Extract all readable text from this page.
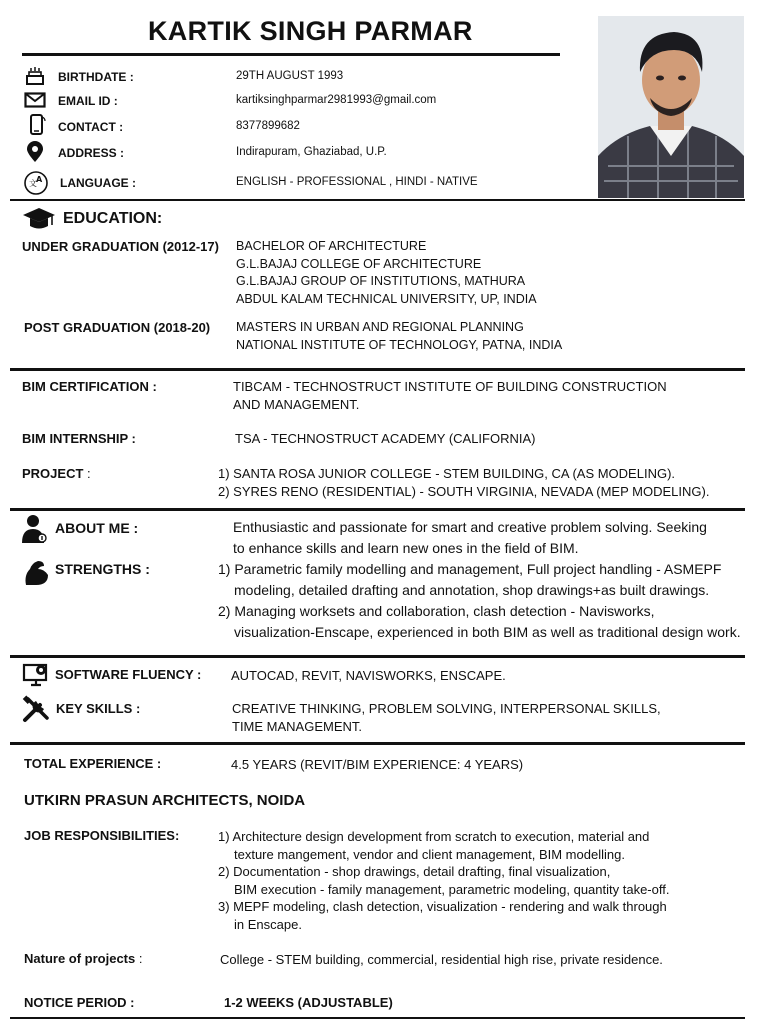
KARTIK SINGH PARMAR
BIRTHDATE :	29TH AUGUST 1993
EMAIL ID :	kartiksinghparmar2981993@gmail.com
CONTACT :	8377899682
ADDRESS :	Indirapuram, Ghaziabad, U.P.
文 A LANGUAGE :	ENGLISH - PROFESSIONAL , HINDI - NATIVE
EDUCATION:
UNDER GRADUATION (2012-17) BACHELOR OF ARCHITECTURE
G.L.BAJAJ COLLEGE OF ARCHITECTURE
G.L.BAJAJ GROUP OF INSTITUTIONS, MATHURA
ABDUL KALAM TECHNICAL UNIVERSITY, UP, INDIA
POST GRADUATION (2018-20) MASTERS IN URBAN AND REGIONAL PLANNING
NATIONAL INSTITUTE OF TECHNOLOGY, PATNA, INDIA
BIM CERTIFICATION :	TIBCAM - TECHNOSTRUCT INSTITUTE OF BUILDING CONSTRUCTION
AND MANAGEMENT.
BIM INTERNSHIP :	TSA - TECHNOSTRUCT ACADEMY (CALIFORNIA)
PROJECT :	1) SANTA ROSA JUNIOR COLLEGE - STEM BUILDING, CA (AS MODELING).
2) SYRES RENO (RESIDENTIAL) - SOUTH VIRGINIA, NEVADA (MEP MODELING).
ABOUT ME :	Enthusiastic and passionate for smart and creative problem solving. Seeking
to enhance skills and learn new ones in the field of BIM.
STRENGTHS :	1) Parametric family modelling and management, Full project handling - ASMEPF
modeling, detailed drafting and annotation, shop drawings+as built drawings.
2) Managing worksets and collaboration, clash detection - Navisworks,
visualization-Enscape, experienced in both BIM as well as traditional design work.
SOFTWARE FLUENCY : AUTOCAD, REVIT, NAVISWORKS, ENSCAPE.
KEY SKILLS :	CREATIVE THINKING, PROBLEM SOLVING, INTERPERSONAL SKILLS,
TIME MANAGEMENT.
TOTAL EXPERIENCE :	4.5 YEARS (REVIT/BIM EXPERIENCE: 4 YEARS)
UTKIRN PRASUN ARCHITECTS, NOIDA
JOB RESPONSIBILITIES:	1) Architecture design development from scratch to execution, material and
texture mangement, vendor and client management, BIM modelling.
2) Documentation - shop drawings, detail drafting, final visualization,
BIM execution - family management, parametric modeling, quantity take-off.
3) MEPF modeling, clash detection, visualization - rendering and walk through
in Enscape.
Nature of projects :	College - STEM building, commercial, residential high rise, private residence.
NOTICE PERIOD :	1-2 WEEKS (ADJUSTABLE)
